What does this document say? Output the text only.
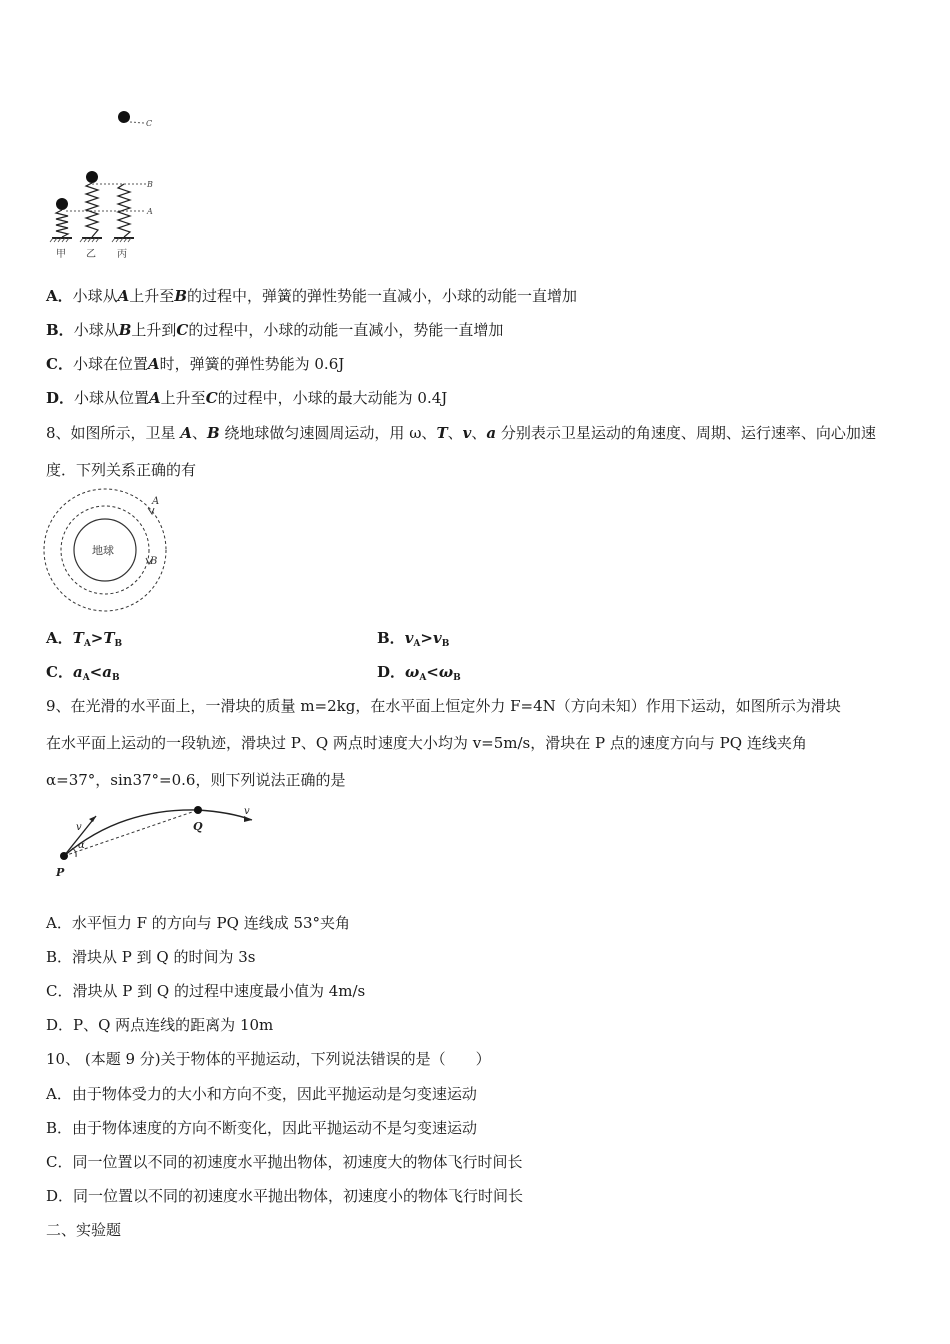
C
B
A
甲 乙 丙
A．小球从A上升至B的过程中，弹簧的弹性势能一直减小，小球的动能一直增加
B．小球从B上升到C的过程中，小球的动能一直减小，势能一直增加
C．小球在位置A时，弹簧的弹性势能为 0.6J
D．小球从位置A上升至C的过程中，小球的最大动能为 0.4J
8、如图所示，卫星 A、B 绕地球做匀速圆周运动，用 ω、T、v、a 分别表示卫星运动的角速度、周期、运行速率、向心加速
度．下列关系正确的有
地球
A
B
A．$T_A>T_B$	B．$v_A>v_B$
C．$a_A<a_B$	D．$\omega_A<\omega_B$
9、在光滑的水平面上，一滑块的质量 m=2kg，在水平面上恒定外力 F=4N（方向未知）作用下运动，如图所示为滑块
在水平面上运动的一段轨迹，滑块过 P、Q 两点时速度大小均为 v=5m/s，滑块在 P 点的速度方向与 PQ 连线夹角
α=37°，sin37°=0.6，则下列说法正确的是
P
Q
v
v
α
A．水平恒力 F 的方向与 PQ 连线成 53°夹角
B．滑块从 P 到 Q 的时间为 3s
C．滑块从 P 到 Q 的过程中速度最小值为 4m/s
D．P、Q 两点连线的距离为 10m
10、 (本题 9 分)关于物体的平抛运动，下列说法错误的是（　　）
A．由于物体受力的大小和方向不变，因此平抛运动是匀变速运动
B．由于物体速度的方向不断变化，因此平抛运动不是匀变速运动
C．同一位置以不同的初速度水平抛出物体，初速度大的物体飞行时间长
D．同一位置以不同的初速度水平抛出物体，初速度小的物体飞行时间长
二、实验题
